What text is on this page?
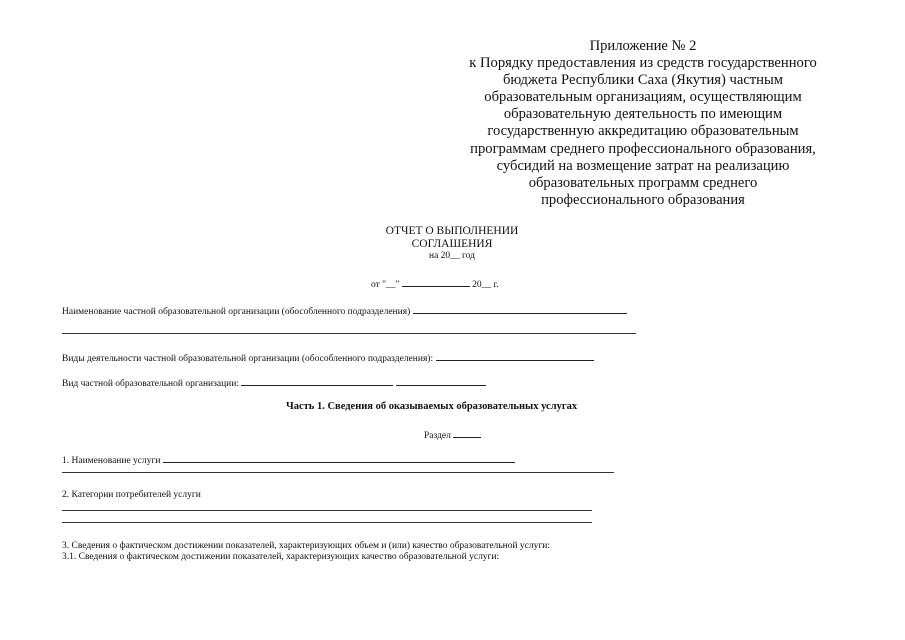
Приложение № 2
к Порядку предоставления из средств государственного
бюджета Республики Саха (Якутия) частным
образовательным организациям, осуществляющим
образовательную деятельность по имеющим
государственную аккредитацию образовательным
программам среднего профессионального образования,
субсидий на возмещение затрат на реализацию
образовательных программ среднего
профессионального образования
ОТЧЕТ О ВЫПОЛНЕНИИ
СОГЛАШЕНИЯ
на 20__ год
от "__"	20__ г.
Наименование частной образовательной организации (обособленного подразделения)
Виды деятельности частной образовательной организации (обособленного подразделения):
Вид частной образовательной организации:
Часть 1. Сведения об оказываемых образовательных услугах
Раздел
1. Наименование услуги
2. Категории потребителей услуги
3. Сведения о фактическом достижении показателей, характеризующих объем и (или) качество образовательной услуги:
3.1. Сведения о фактическом достижении показателей, характеризующих качество образовательной услуги:
